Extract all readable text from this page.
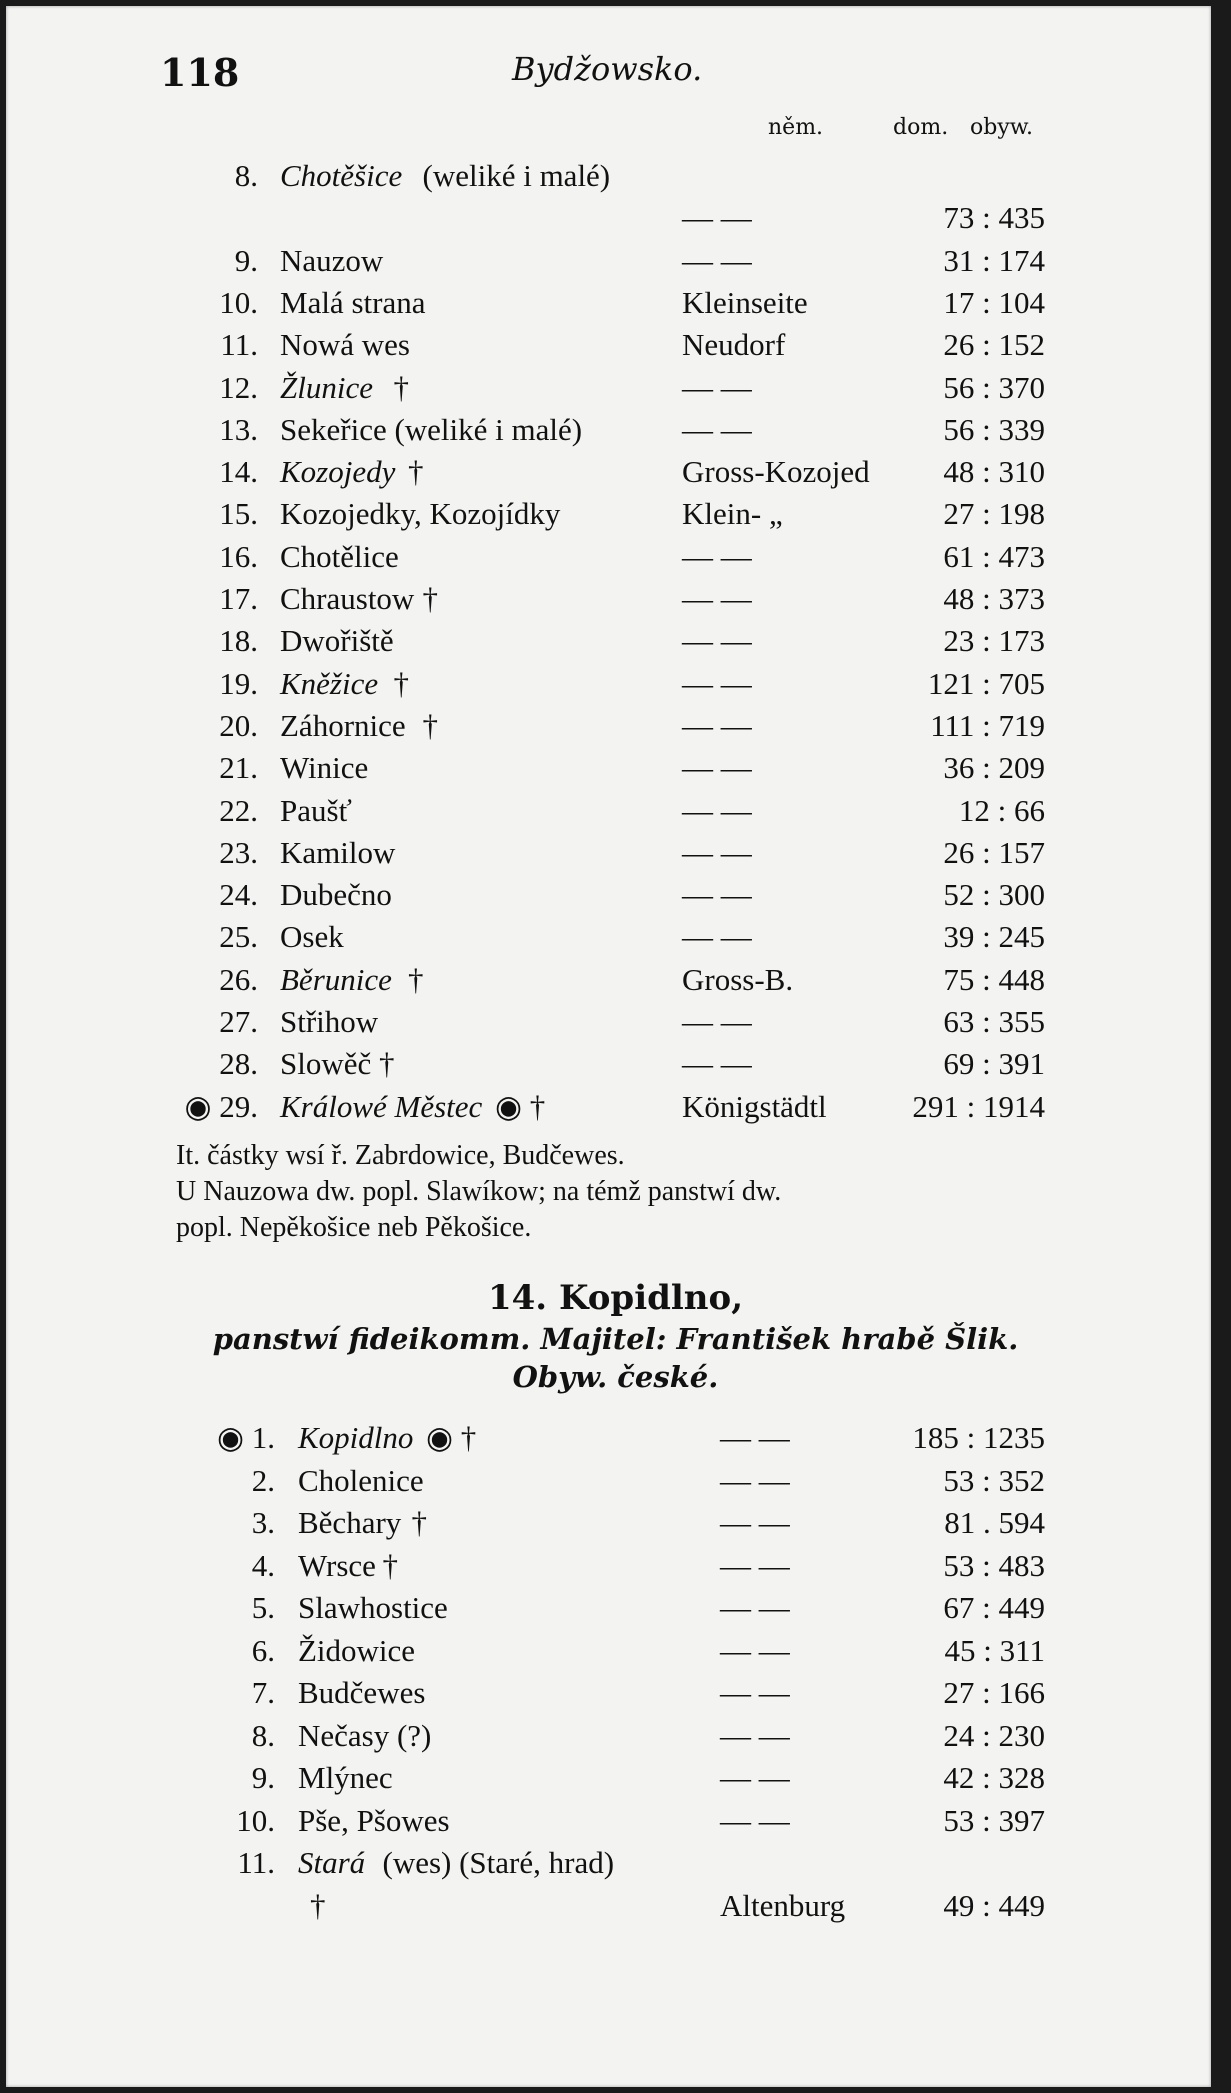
118	Bydžowsko.
něm.	dom. obyw.
8. Chotěšice (weliké i malé)
— —	73 : 435
9. Nauzow	— —	31 : 174
10. Malá strana	Kleinseite	17 : 104
11. Nowá wes	Neudorf	26 : 152
12. Žlunice †	— —	56 : 370
13. Sekeřice (weliké i malé)	— —	56 : 339
14. Kozojedy †	Gross-Kozojed 48 : 310
15. Kozojedky, Kozojídky	Klein- „	27 : 198
16. Chotělice	— —	61 : 473
17. Chraustow †	— —	48 : 373
18. Dwořiště	— —	23 : 173
19. Kněžice †	— —	121 : 705
20. Záhornice †	— —	111 : 719
21. Winice	— —	36 : 209
22. Paušť	— —	12 : 66
23. Kamilow	— —	26 : 157
24. Dubečno	— —	52 : 300
25. Osek	— —	39 : 245
26. Běrunice †	Gross-B.	75 : 448
27. Střihow	— —	63 : 355
28. Slowěč †	— —	69 : 391
◉ 29. Králowé Městec ◉ †	Königstädtl	291 : 1914
It. částky wsí ř. Zabrdowice, Budčewes.
U Nauzowa dw. popl. Slawíkow; na témž panstwí dw.
popl. Nepěkošice neb Pěkošice.
14. Kopidlno,
panstwí fideikomm. Majitel: František hrabě Šlik.
Obyw. české.
◉ 1. Kopidlno ◉ †	— —	185 : 1235
2. Cholenice	— —	53 : 352
3. Běchary †	— —	81 . 594
4. Wrsce †	— —	53 : 483
5. Slawhostice	— —	67 : 449
6. Židowice	— —	45 : 311
7. Budčewes	— —	27 : 166
8. Nečasy (?)	— —	24 : 230
9. Mlýnec	— —	42 : 328
10. Pše, Pšowes	— —	53 : 397
11. Stará (wes) (Staré, hrad)
†	Altenburg	49 : 449
